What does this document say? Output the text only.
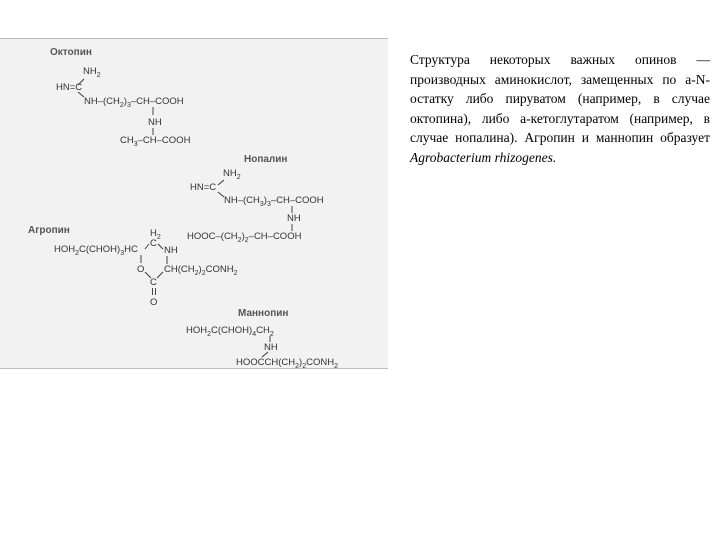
Октопин
$NH_2$
HN=C
$NH-(CH_2)_3-CH$–COOH
NH
$CH_3-CH$–COOH
Нопалин
$NH_2$
HN=C
$NH-(CH_3)_3-CH$–COOH
NH
HOOC–$(CH_2)_2-CH$–COOH
Агропин	$H_2$
$HOH_2C(CHOH)_3HC$
C
NH
O $CH(CH_2)_2CONH_2$
C
O
Маннопин
$HOH_2C(CHOH)_4CH_2$
NH
$HOOCCH(CH_2)_2CONH_2$
Структура некоторых важных опинов —производных аминокислот, замещенных по а-N-остатку либо пируватом (например, в случае октопина), либо а-кетоглутаратом (например, в случае нопалина). Агропин и маннопин образует Agrobacterium rhizogenes.
